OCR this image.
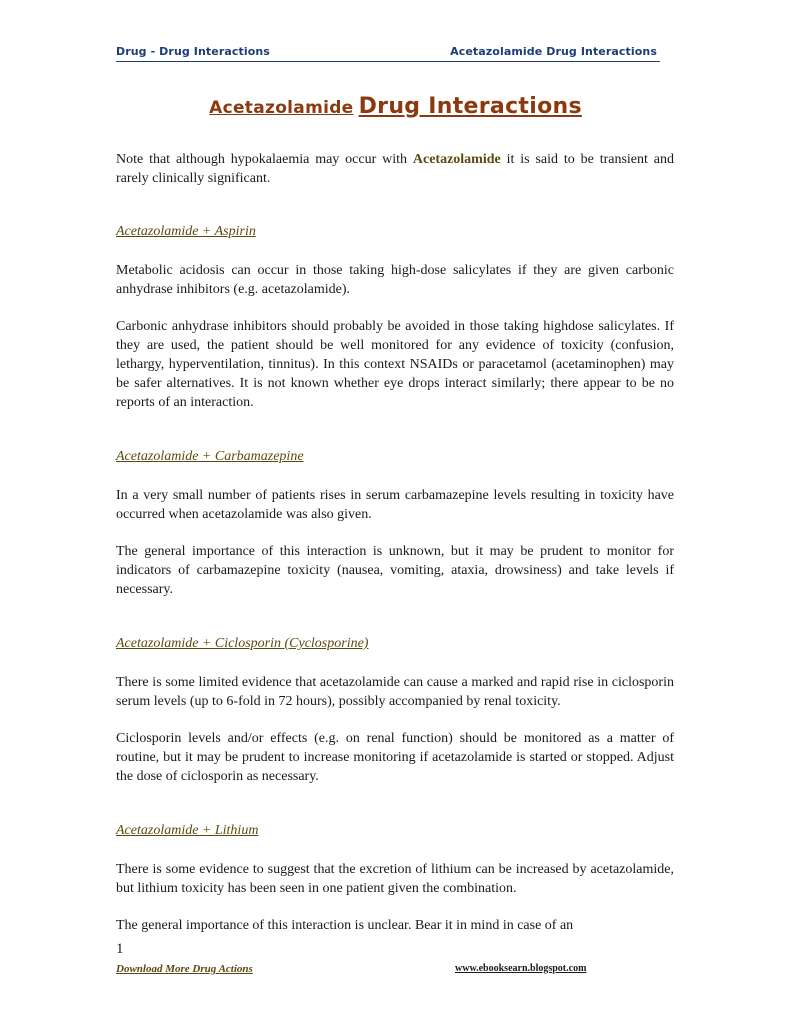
Drug - Drug Interactions	Acetazolamide Drug Interactions
Acetazolamide Drug Interactions

Note that although hypokalaemia may occur with Acetazolamide it is said to be transient and rarely clinically significant.

Acetazolamide + Aspirin

Metabolic acidosis can occur in those taking high-dose salicylates if they are given carbonic anhydrase inhibitors (e.g. acetazolamide).

Carbonic anhydrase inhibitors should probably be avoided in those taking highdose salicylates. If they are used, the patient should be well monitored for any evidence of toxicity (confusion, lethargy, hyperventilation, tinnitus). In this context NSAIDs or paracetamol (acetaminophen) may be safer alternatives. It is not known whether eye drops interact similarly; there appear to be no reports of an interaction.

Acetazolamide + Carbamazepine

In a very small number of patients rises in serum carbamazepine levels resulting in toxicity have occurred when acetazolamide was also given.

The general importance of this interaction is unknown, but it may be prudent to monitor for indicators of carbamazepine toxicity (nausea, vomiting, ataxia, drowsiness) and take levels if necessary.

Acetazolamide + Ciclosporin (Cyclosporine)

There is some limited evidence that acetazolamide can cause a marked and rapid rise in ciclosporin serum levels (up to 6-fold in 72 hours), possibly accompanied by renal toxicity.

Ciclosporin levels and/or effects (e.g. on renal function) should be monitored as a matter of routine, but it may be prudent to increase monitoring if acetazolamide is started or stopped. Adjust the dose of ciclosporin as necessary.

Acetazolamide + Lithium

There is some evidence to suggest that the excretion of lithium can be increased by acetazolamide, but lithium toxicity has been seen in one patient given the combination.

The general importance of this interaction is unclear. Bear it in mind in case of an

1
Download More Drug Actions	www.ebooksearn.blogspot.com
